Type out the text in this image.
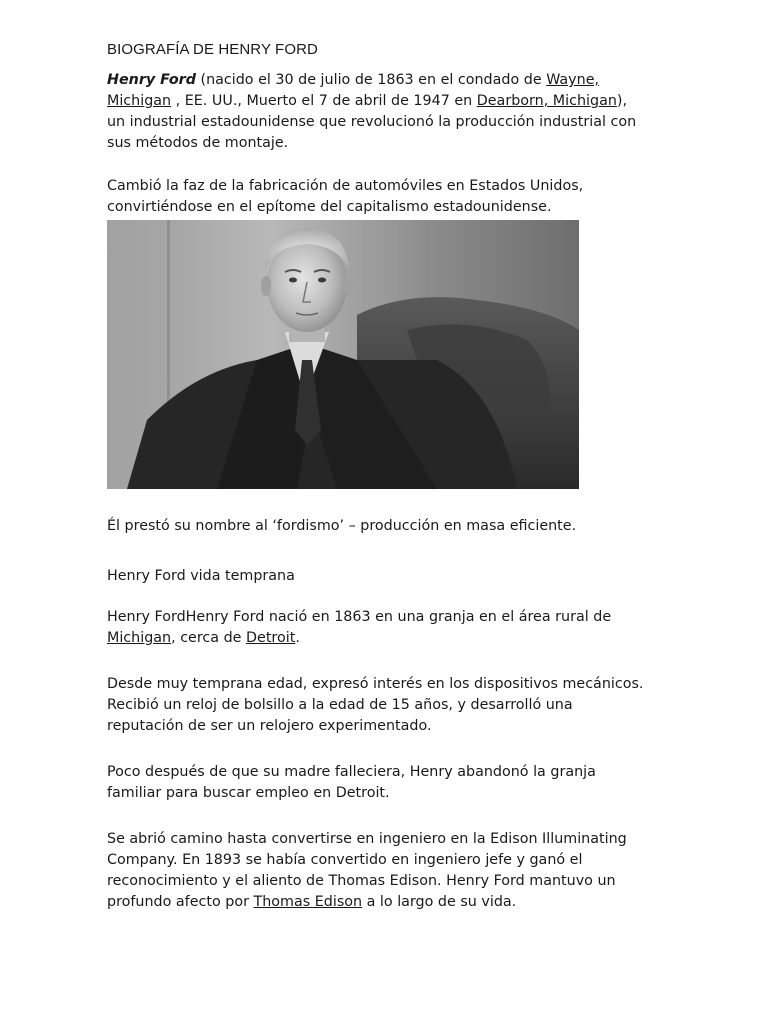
BIOGRAFÍA DE HENRY FORD

Henry Ford (nacido el 30 de julio de 1863 en el condado de Wayne, Michigan , EE. UU., Muerto el 7 de abril de 1947 en Dearborn, Michigan), un industrial estadounidense que revolucionó la producción industrial con sus métodos de montaje.

Cambió la faz de la fabricación de automóviles en Estados Unidos, convirtiéndose en el epítome del capitalismo estadounidense.

Él prestó su nombre al ‘fordismo’ – producción en masa eficiente.

Henry Ford vida temprana

Henry FordHenry Ford nació en 1863 en una granja en el área rural de Michigan, cerca de Detroit.

Desde muy temprana edad, expresó interés en los dispositivos mecánicos. Recibió un reloj de bolsillo a la edad de 15 años, y desarrolló una reputación de ser un relojero experimentado.

Poco después de que su madre falleciera, Henry abandonó la granja familiar para buscar empleo en Detroit.

Se abrió camino hasta convertirse en ingeniero en la Edison Illuminating Company. En 1893 se había convertido en ingeniero jefe y ganó el reconocimiento y el aliento de Thomas Edison. Henry Ford mantuvo un profundo afecto por Thomas Edison a lo largo de su vida.
